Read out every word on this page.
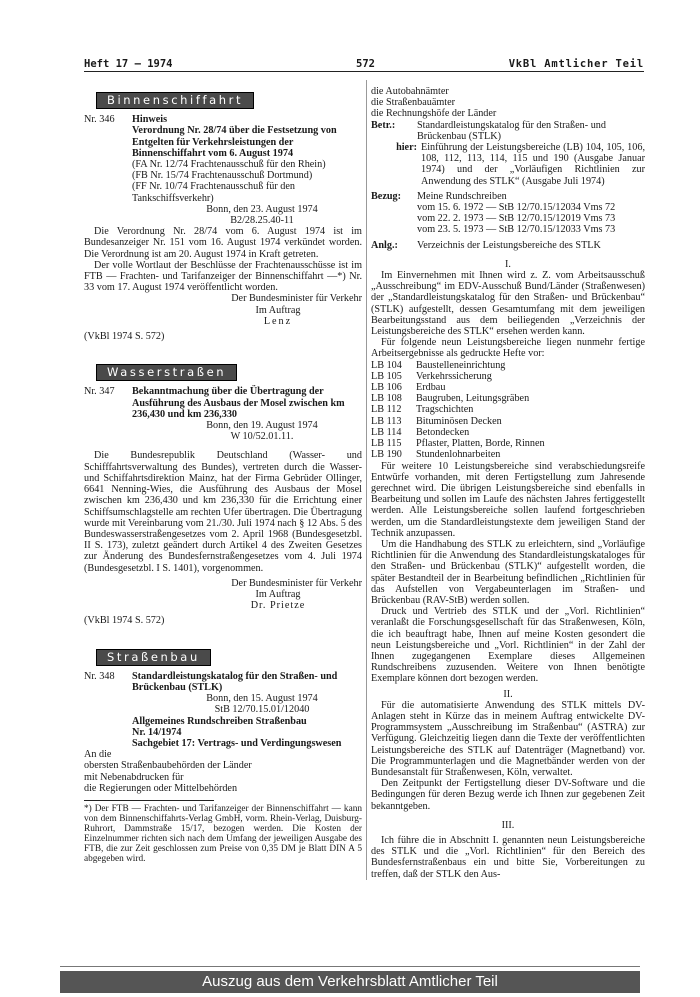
Heft 17 — 1974	572	VkBl Amtlicher Teil
Binnenschiffahrt
Nr. 346	Hinweis
Verordnung Nr. 28/74 über die Festsetzung von Entgelten für Verkehrsleistungen der Binnenschiffahrt vom 6. August 1974
(FA Nr. 12/74 Frachtenausschuß für den Rhein)
(FB Nr. 15/74 Frachtenausschuß Dortmund)
(FF Nr. 10/74 Frachtenausschuß für den Tankschiffsverkehr)
Bonn, den 23. August 1974
B2/28.25.40-11

Die Verordnung Nr. 28/74 vom 6. August 1974 ist im Bundesanzeiger Nr. 151 vom 16. August 1974 verkündet worden. Die Verordnung ist am 20. August 1974 in Kraft getreten.

Der volle Wortlaut der Beschlüsse der Frachtenausschüsse ist im FTB — Frachten- und Tarifanzeiger der Binnenschiffahrt —*) Nr. 33 vom 17. August 1974 veröffentlicht worden.

Der Bundesminister für Verkehr
Im Auftrag
Lenz
(VkBl 1974 S. 572)
Wasserstraßen
Nr. 347	Bekanntmachung über die Übertragung der Ausführung des Ausbaus der Mosel zwischen km 236,430 und km 236,330
Bonn, den 19. August 1974
W 10/52.01.11.

Die Bundesrepublik Deutschland (Wasser- und Schifffahrtsverwaltung des Bundes), vertreten durch die Wasser- und Schiffahrtsdirektion Mainz, hat der Firma Gebrüder Ollinger, 6641 Nenning-Wies, die Ausführung des Ausbaus der Mosel zwischen km 236,430 und km 236,330 für die Errichtung einer Schiffsumschlagstelle am rechten Ufer übertragen. Die Übertragung wurde mit Vereinbarung vom 21./30. Juli 1974 nach § 12 Abs. 5 des Bundeswasserstraßengesetzes vom 2. April 1968 (Bundesgesetzbl. II S. 173), zuletzt geändert durch Artikel 4 des Zweiten Gesetzes zur Änderung des Bundesfernstraßengesetzes vom 4. Juli 1974 (Bundesgesetzbl. I S. 1401), vorgenommen.

Der Bundesminister für Verkehr
Im Auftrag
Dr. Prietze
(VkBl 1974 S. 572)
Straßenbau
Nr. 348	Standardleistungskatalog für den Straßen- und Brückenbau (STLK)
Bonn, den 15. August 1974
StB 12/70.15.01/12040
Allgemeines Rundschreiben Straßenbau
Nr. 14/1974
Sachgebiet 17: Vertrags- und Verdingungswesen
An die
obersten Straßenbaubehörden der Länder
mit Nebenabdrucken für
die Regierungen oder Mittelbehörden

*) Der FTB — Frachten- und Tarifanzeiger der Binnenschiffahrt — kann von dem Binnenschiffahrts-Verlag GmbH, vorm. Rhein-Verlag, Duisburg-Ruhrort, Dammstraße 15/17, bezogen werden. Die Kosten der Einzelnummer richten sich nach dem Umfang der jeweiligen Ausgabe des FTB, die zur Zeit geschlossen zum Preise von 0,35 DM je Blatt DIN A 5 abgegeben wird.

die Autobahnämter
die Straßenbauämter
die Rechnungshöfe der Länder
Betr.:	Standardleistungskatalog für den Straßen- und Brückenbau (STLK)
hier: Einführung der Leistungsbereiche (LB) 104, 105, 106, 108, 112, 113, 114, 115 und 190 (Ausgabe Januar 1974) und der „Vorläufigen Richtlinien zur Anwendung des STLK“ (Ausgabe Juli 1974)
Bezug:	Meine Rundschreiben
vom 15. 6. 1972 — StB 12/70.15/12034 Vms 72
vom 22. 2. 1973 — StB 12/70.15/12019 Vms 73
vom 23. 5. 1973 — StB 12/70.15/12033 Vms 73
Anlg.:	Verzeichnis der Leistungsbereiche des STLK
I.

Im Einvernehmen mit Ihnen wird z. Z. vom Arbeitsausschuß „Ausschreibung“ im EDV-Ausschuß Bund/Länder (Straßenwesen) der „Standardleistungskatalog für den Straßen- und Brückenbau“ (STLK) aufgestellt, dessen Gesamtumfang mit dem jeweiligen Bearbeitungsstand aus dem beiliegenden „Verzeichnis der Leistungsbereiche des STLK“ ersehen werden kann.

Für folgende neun Leistungsbereiche liegen nunmehr fertige Arbeitsergebnisse als gedruckte Hefte vor:

LB 104	Baustelleneinrichtung
LB 105	Verkehrssicherung
LB 106	Erdbau
LB 108	Baugruben, Leitungsgräben
LB 112	Tragschichten
LB 113	Bituminösen Decken
LB 114	Betondecken
LB 115	Pflaster, Platten, Borde, Rinnen
LB 190	Stundenlohnarbeiten

Für weitere 10 Leistungsbereiche sind verabschiedungsreife Entwürfe vorhanden, mit deren Fertigstellung zum Jahresende gerechnet wird. Die übrigen Leistungsbereiche sind ebenfalls in Bearbeitung und sollen im Laufe des nächsten Jahres fertiggestellt werden. Alle Leistungsbereiche sollen laufend fortgeschrieben werden, um die Standardleistungstexte dem jeweiligen Stand der Technik anzupassen.

Um die Handhabung des STLK zu erleichtern, sind „Vorläufige Richtlinien für die Anwendung des Standardleistungskataloges für den Straßen- und Brückenbau (STLK)“ aufgestellt worden, die später Bestandteil der in Bearbeitung befindlichen „Richtlinien für das Aufstellen von Vergabeunterlagen im Straßen- und Brückenbau (RAV-StB) werden sollen.

Druck und Vertrieb des STLK und der „Vorl. Richtlinien“ veranlaßt die Forschungsgesellschaft für das Straßenwesen, Köln, die ich beauftragt habe, Ihnen auf meine Kosten gesondert die neun Leistungsbereiche und „Vorl. Richtlinien“ in der Zahl der Ihnen zugegangenen Exemplare dieses Allgemeinen Rundschreibens zuzusenden. Weitere von Ihnen benötigte Exemplare können dort bezogen werden.

II.

Für die automatisierte Anwendung des STLK mittels DV-Anlagen steht in Kürze das in meinem Auftrag entwickelte DV-Programmsystem „Ausschreibung im Straßenbau“ (ASTRA) zur Verfügung. Gleichzeitig liegen dann die Texte der veröffentlichten Leistungsbereiche des STLK auf Datenträger (Magnetband) vor. Die Programmunterlagen und die Magnetbänder werden von der Bundesanstalt für Straßenwesen, Köln, verwaltet.

Den Zeitpunkt der Fertigstellung dieser DV-Software und die Bedingungen für deren Bezug werde ich Ihnen zur gegebenen Zeit bekanntgeben.

III.

Ich führe die in Abschnitt I. genannten neun Leistungsbereiche des STLK und die „Vorl. Richtlinien“ für den Bereich des Bundesfernstraßenbaus ein und bitte Sie, Vorbereitungen zu treffen, daß der STLK den Aus-

Auszug aus dem Verkehrsblatt Amtlicher Teil
